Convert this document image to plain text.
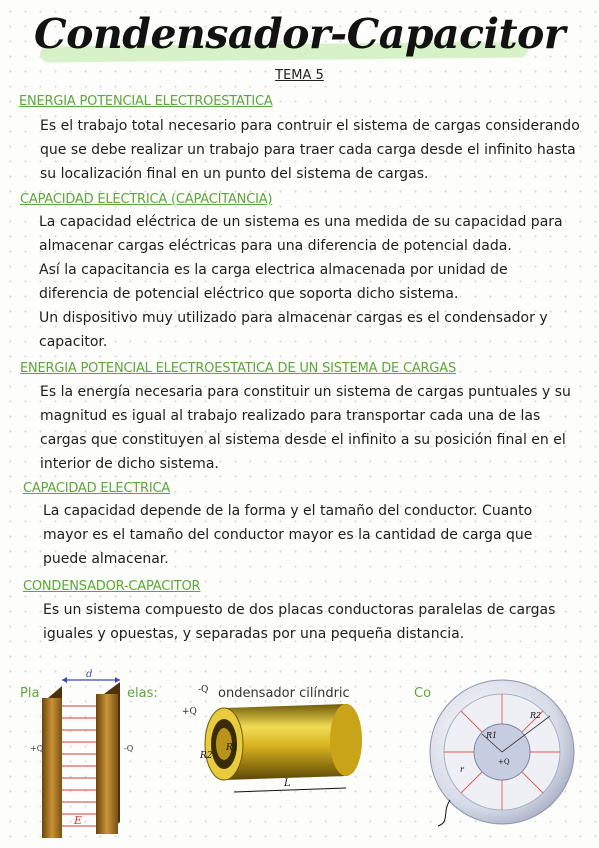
Condensador-Capacitor
TEMA 5
ENERGIA POTENCIAL ELECTROESTATICA

Es el trabajo total necesario para contruir el sistema de cargas considerando que se debe realizar un trabajo para traer cada carga desde el infinito hasta su localización final en un punto del sistema de cargas.

CAPACIDAD ELECTRICA (CAPACITANCIA)

La capacidad eléctrica de un sistema es una medida de su capacidad para almacenar cargas eléctricas para una diferencia de potencial dada.

Así la capacitancia es la carga electrica almacenada por unidad de diferencia de potencial eléctrico que soporta dicho sistema.

Un dispositivo muy utilizado para almacenar cargas es el condensador y capacitor.

ENERGIA POTENCIAL ELECTROESTATICA DE UN SISTEMA DE CARGAS

Es la energía necesaria para constituir un sistema de cargas puntuales y su magnitud es igual al trabajo realizado para transportar cada una de las cargas que constituyen al sistema desde el infinito a su posición final en el interior de dicho sistema.

CAPACIDAD ELECTRICA

La capacidad depende de la forma y el tamaño del conductor. Cuanto mayor es el tamaño del conductor mayor es la cantidad de carga que puede almacenar.

CONDENSADOR-CAPACITOR

Es un sistema compuesto de dos placas conductoras paralelas de cargas iguales y opuestas, y separadas por una pequeña distancia.

Pla	elas:	ondensador cilíndric	Co
d
+Q	-Q
E
-Q
+Q
R2
R1
L
R1
R2
+Q
r
